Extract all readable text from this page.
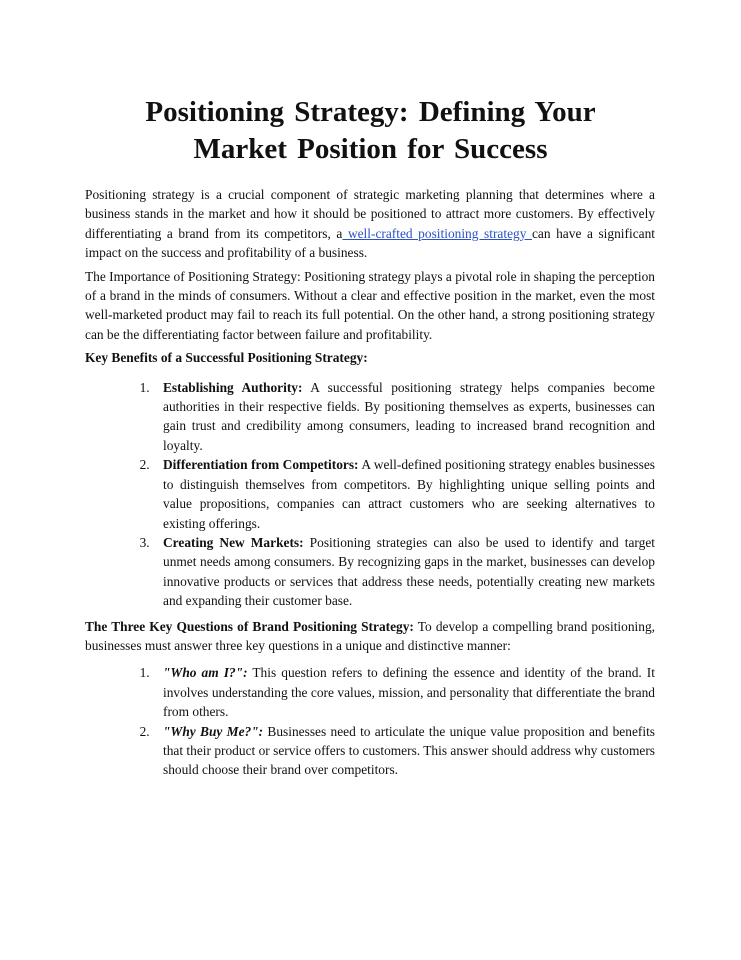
Positioning Strategy: Defining Your
Market Position for Success

Positioning strategy is a crucial component of strategic marketing planning that determines where a business stands in the market and how it should be positioned to attract more customers. By effectively differentiating a brand from its competitors, a well-crafted positioning strategy can have a significant impact on the success and profitability of a business.

The Importance of Positioning Strategy: Positioning strategy plays a pivotal role in shaping the perception of a brand in the minds of consumers. Without a clear and effective position in the market, even the most well-marketed product may fail to reach its full potential. On the other hand, a strong positioning strategy can be the differentiating factor between failure and profitability.

Key Benefits of a Successful Positioning Strategy:
1. Establishing Authority: A successful positioning strategy helps companies become authorities in their respective fields. By positioning themselves as experts, businesses can gain trust and credibility among consumers, leading to increased brand recognition and loyalty.
2. Differentiation from Competitors: A well-defined positioning strategy enables businesses to distinguish themselves from competitors. By highlighting unique selling points and value propositions, companies can attract customers who are seeking alternatives to existing offerings.
3. Creating New Markets: Positioning strategies can also be used to identify and target unmet needs among consumers. By recognizing gaps in the market, businesses can develop innovative products or services that address these needs, potentially creating new markets and expanding their customer base.

The Three Key Questions of Brand Positioning Strategy: To develop a compelling brand positioning, businesses must answer three key questions in a unique and distinctive manner:

1. "Who am I?": This question refers to defining the essence and identity of the brand. It involves understanding the core values, mission, and personality that differentiate the brand from others.
2. "Why Buy Me?": Businesses need to articulate the unique value proposition and benefits that their product or service offers to customers. This answer should address why customers should choose their brand over competitors.
